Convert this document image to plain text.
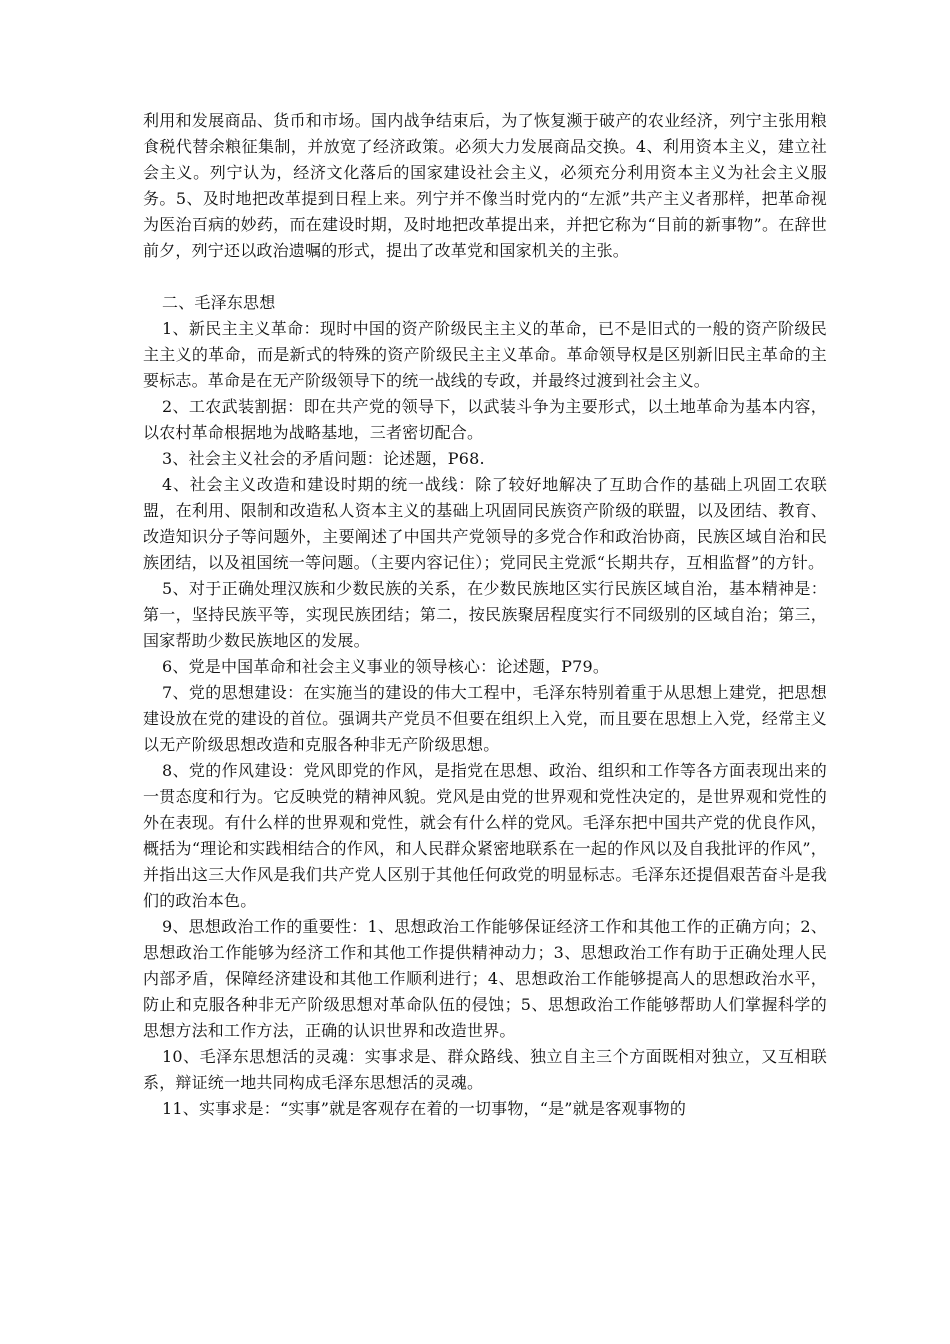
利用和发展商品、货币和市场。国内战争结束后，为了恢复濒于破产的农业经济，列宁主张用粮食税代替余粮征集制，并放宽了经济政策。必须大力发展商品交换。4、利用资本主义，建立社会主义。列宁认为，经济文化落后的国家建设社会主义，必须充分利用资本主义为社会主义服务。5、及时地把改革提到日程上来。列宁并不像当时党内的“左派”共产主义者那样，把革命视为医治百病的妙药，而在建设时期，及时地把改革提出来，并把它称为“目前的新事物”。在辞世前夕，列宁还以政治遗嘱的形式，提出了改革党和国家机关的主张。

二、毛泽东思想

1、新民主主义革命：现时中国的资产阶级民主主义的革命，已不是旧式的一般的资产阶级民主主义的革命，而是新式的特殊的资产阶级民主主义革命。革命领导权是区别新旧民主革命的主要标志。革命是在无产阶级领导下的统一战线的专政，并最终过渡到社会主义。

2、工农武装割据：即在共产党的领导下，以武装斗争为主要形式，以土地革命为基本内容，以农村革命根据地为战略基地，三者密切配合。

3、社会主义社会的矛盾问题：论述题，P68.

4、社会主义改造和建设时期的统一战线：除了较好地解决了互助合作的基础上巩固工农联盟，在利用、限制和改造私人资本主义的基础上巩固同民族资产阶级的联盟，以及团结、教育、改造知识分子等问题外，主要阐述了中国共产党领导的多党合作和政治协商，民族区域自治和民族团结，以及祖国统一等问题。（主要内容记住）；党同民主党派“长期共存，互相监督”的方针。

5、对于正确处理汉族和少数民族的关系，在少数民族地区实行民族区域自治，基本精神是：第一，坚持民族平等，实现民族团结；第二，按民族聚居程度实行不同级别的区域自治；第三，国家帮助少数民族地区的发展。

6、党是中国革命和社会主义事业的领导核心：论述题，P79。

7、党的思想建设：在实施当的建设的伟大工程中，毛泽东特别着重于从思想上建党，把思想建设放在党的建设的首位。强调共产党员不但要在组织上入党，而且要在思想上入党，经常主义以无产阶级思想改造和克服各种非无产阶级思想。

8、党的作风建设：党风即党的作风，是指党在思想、政治、组织和工作等各方面表现出来的一贯态度和行为。它反映党的精神风貌。党风是由党的世界观和党性决定的，是世界观和党性的外在表现。有什么样的世界观和党性，就会有什么样的党风。毛泽东把中国共产党的优良作风，概括为“理论和实践相结合的作风，和人民群众紧密地联系在一起的作风以及自我批评的作风”，并指出这三大作风是我们共产党人区别于其他任何政党的明显标志。毛泽东还提倡艰苦奋斗是我们的政治本色。

9、思想政治工作的重要性：1、思想政治工作能够保证经济工作和其他工作的正确方向；2、思想政治工作能够为经济工作和其他工作提供精神动力；3、思想政治工作有助于正确处理人民内部矛盾，保障经济建设和其他工作顺利进行；4、思想政治工作能够提高人的思想政治水平，防止和克服各种非无产阶级思想对革命队伍的侵蚀；5、思想政治工作能够帮助人们掌握科学的思想方法和工作方法，正确的认识世界和改造世界。

10、毛泽东思想活的灵魂：实事求是、群众路线、独立自主三个方面既相对独立，又互相联系，辩证统一地共同构成毛泽东思想活的灵魂。

11、实事求是：“实事”就是客观存在着的一切事物，“是”就是客观事物的
